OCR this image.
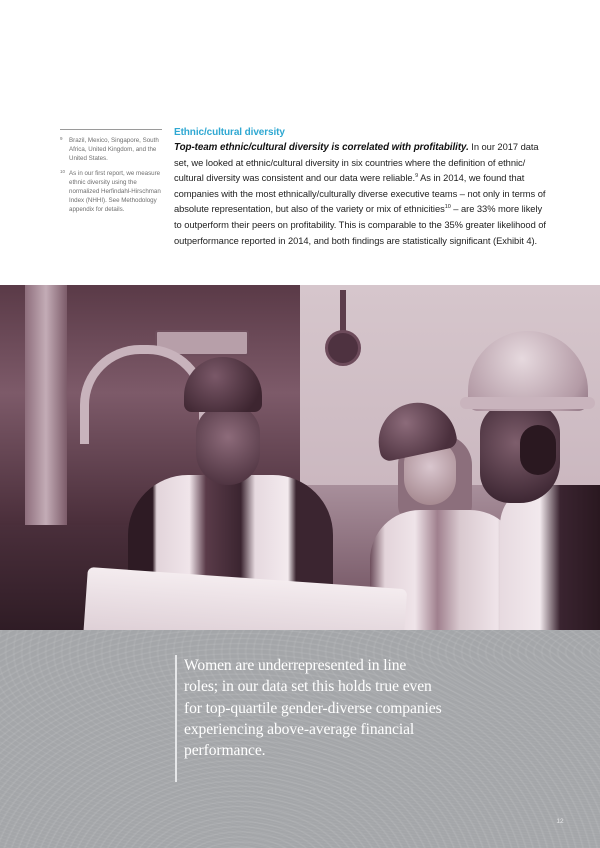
9 Brazil, Mexico, Singapore, South Africa, United Kingdom, and the United States.
10 As in our first report, we measure ethnic diversity using the normalized Herfindahl-Hirschman Index (NHHI). See Methodology appendix for details.
Ethnic/cultural diversity

Top-team ethnic/cultural diversity is correlated with profitability. In our 2017 data set, we looked at ethnic/cultural diversity in six countries where the definition of ethnic/ cultural diversity was consistent and our data were reliable.$^9$ As in 2014, we found that companies with the most ethnically/culturally diverse executive teams – not only in terms of absolute representation, but also of the variety or mix of ethnicities$^{10}$ – are 33% more likely to outperform their peers on profitability. This is comparable to the 35% greater likelihood of outperformance reported in 2014, and both findings are statistically significant (Exhibit 4).

Women are underrepresented in line roles; in our data set this holds true even for top-quartile gender-diverse companies experiencing above-average financial performance.

12
